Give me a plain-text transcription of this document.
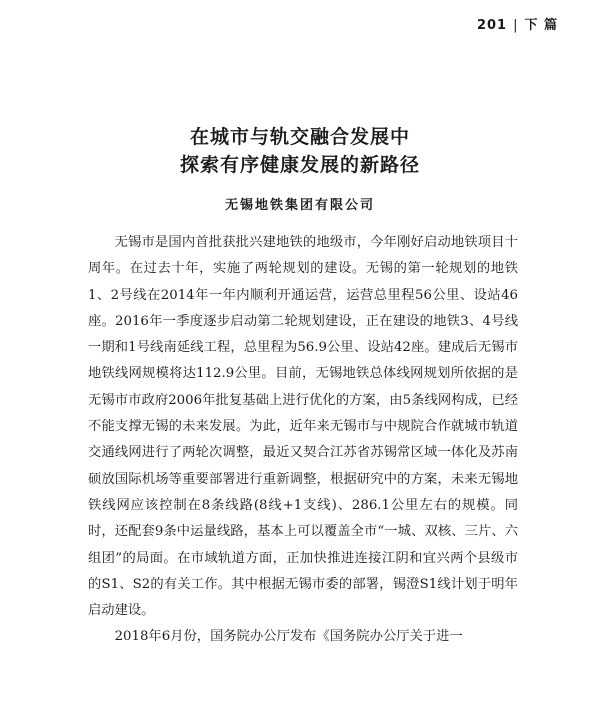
201 | 下 篇
在城市与轨交融合发展中
探索有序健康发展的新路径
无锡地铁集团有限公司

无锡市是国内首批获批兴建地铁的地级市，今年刚好启动地铁项目十周年。在过去十年，实施了两轮规划的建设。无锡的第一轮规划的地铁1、2号线在2014年一年内顺利开通运营，运营总里程56公里、设站46座。2016年一季度逐步启动第二轮规划建设，正在建设的地铁3、4号线一期和1号线南延线工程，总里程为56.9公里、设站42座。建成后无锡市地铁线网规模将达112.9公里。目前，无锡地铁总体线网规划所依据的是无锡市市政府2006年批复基础上进行优化的方案，由5条线网构成，已经不能支撑无锡的未来发展。为此，近年来无锡市与中规院合作就城市轨道交通线网进行了两轮次调整，最近又契合江苏省苏锡常区域一体化及苏南硕放国际机场等重要部署进行重新调整，根据研究中的方案，未来无锡地铁线网应该控制在8条线路(8线+1支线)、286.1公里左右的规模。同时，还配套9条中运量线路，基本上可以覆盖全市“一城、双核、三片、六组团”的局面。在市域轨道方面，正加快推进连接江阴和宜兴两个县级市的S1、S2的有关工作。其中根据无锡市委的部署，锡澄S1线计划于明年启动建设。

2018年6月份，国务院办公厅发布《国务院办公厅关于进一
